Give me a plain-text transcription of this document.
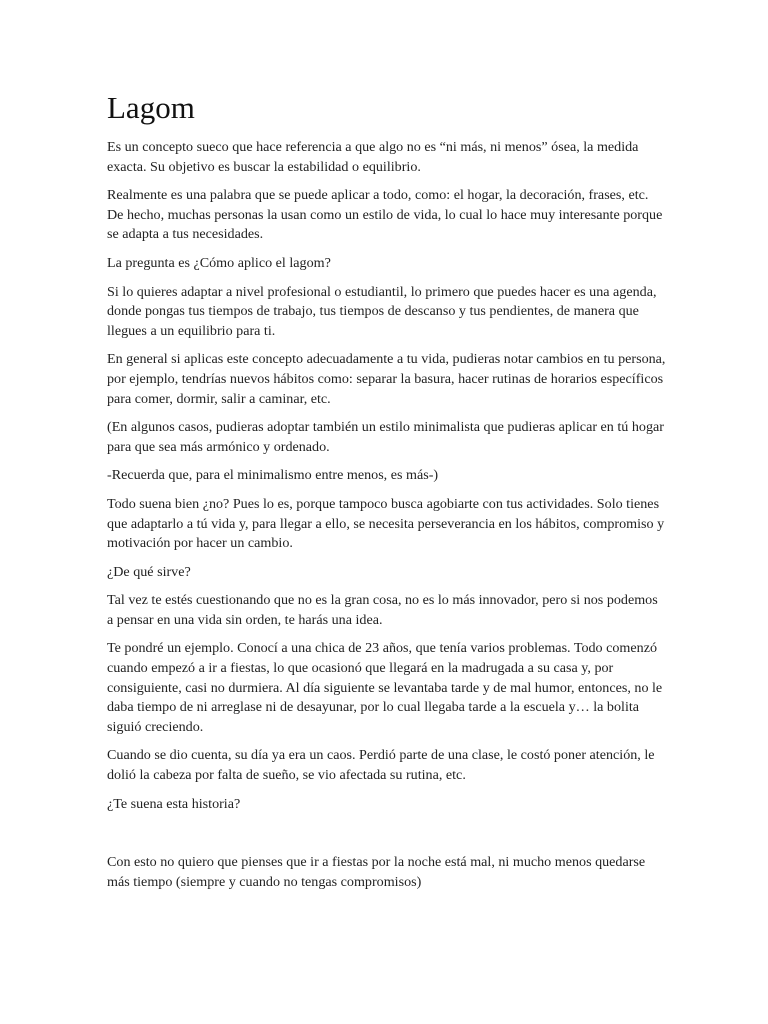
Lagom

Es un concepto sueco que hace referencia a que algo no es “ni más, ni menos” ósea, la medida exacta. Su objetivo es buscar la estabilidad o equilibrio.

Realmente es una palabra que se puede aplicar a todo, como: el hogar, la decoración, frases, etc. De hecho, muchas personas la usan como un estilo de vida, lo cual lo hace muy interesante porque se adapta a tus necesidades.

La pregunta es ¿Cómo aplico el lagom?

Si lo quieres adaptar a nivel profesional o estudiantil, lo primero que puedes hacer es una agenda, donde pongas tus tiempos de trabajo, tus tiempos de descanso y tus pendientes, de manera que llegues a un equilibrio para ti.

En general si aplicas este concepto adecuadamente a tu vida, pudieras notar cambios en tu persona, por ejemplo, tendrías nuevos hábitos como: separar la basura, hacer rutinas de horarios específicos para comer, dormir, salir a caminar, etc.

(En algunos casos, pudieras adoptar también un estilo minimalista que pudieras aplicar en tú hogar para que sea más armónico y ordenado.

-Recuerda que, para el minimalismo entre menos, es más-)

Todo suena bien ¿no? Pues lo es, porque tampoco busca agobiarte con tus actividades. Solo tienes que adaptarlo a tú vida y, para llegar a ello, se necesita perseverancia en los hábitos, compromiso y motivación por hacer un cambio.

¿De qué sirve?

Tal vez te estés cuestionando que no es la gran cosa, no es lo más innovador, pero si nos podemos a pensar en una vida sin orden, te harás una idea.

Te pondré un ejemplo. Conocí a una chica de 23 años, que tenía varios problemas. Todo comenzó cuando empezó a ir a fiestas, lo que ocasionó que llegará en la madrugada a su casa y, por consiguiente, casi no durmiera. Al día siguiente se levantaba tarde y de mal humor, entonces, no le daba tiempo de ni arreglase ni de desayunar, por lo cual llegaba tarde a la escuela y… la bolita siguió creciendo.

Cuando se dio cuenta, su día ya era un caos. Perdió parte de una clase, le costó poner atención, le dolió la cabeza por falta de sueño, se vio afectada su rutina, etc.

¿Te suena esta historia?

Con esto no quiero que pienses que ir a fiestas por la noche está mal, ni mucho menos quedarse más tiempo (siempre y cuando no tengas compromisos)
